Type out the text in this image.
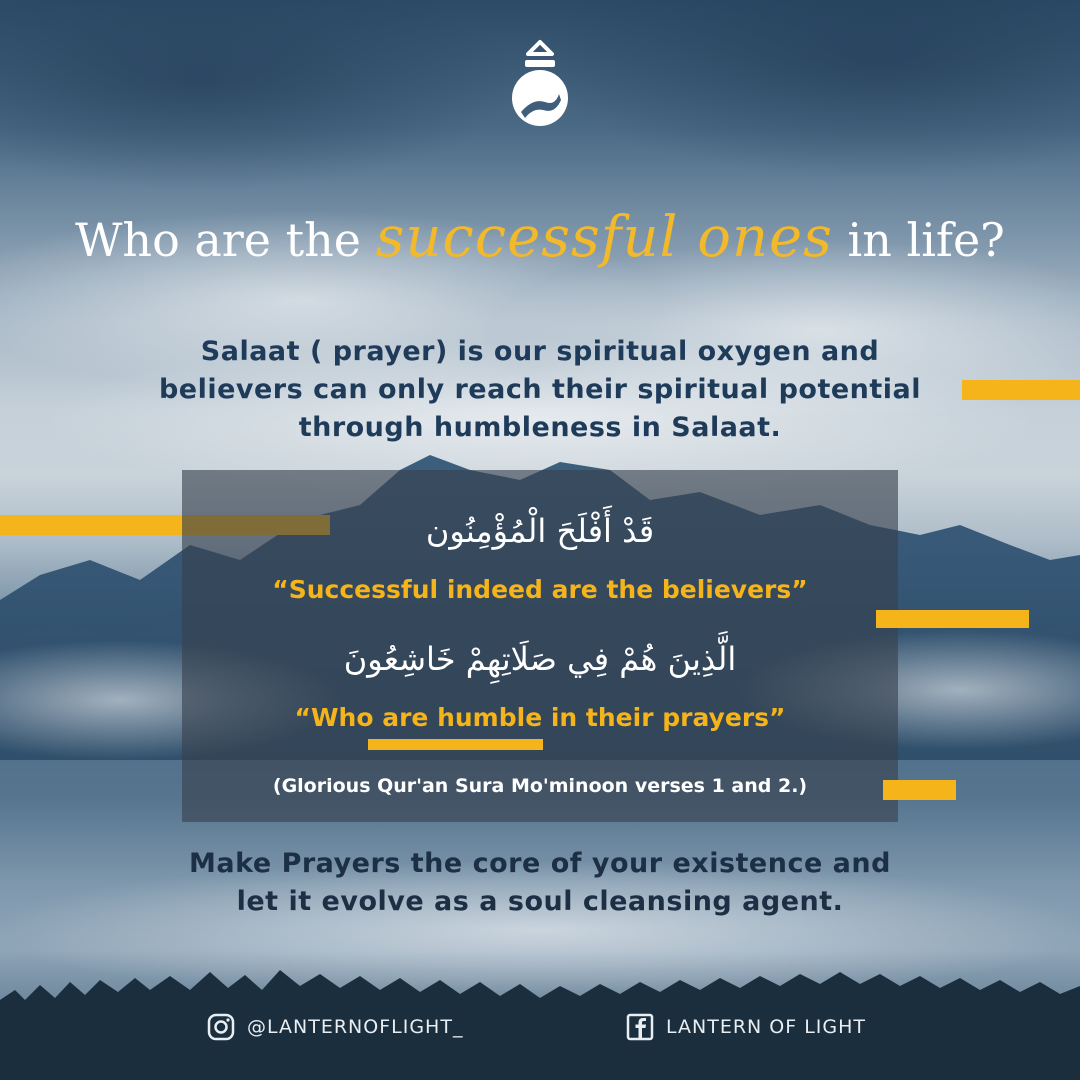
Who are the successful ones in life?
Salaat ( prayer) is our spiritual oxygen and
believers can only reach their spiritual potential
through humbleness in Salaat.
قَدْ أَفْلَحَ الْمُؤْمِنُون
“Successful indeed are the believers”
الَّذِينَ هُمْ فِي صَلَاتِهِمْ خَاشِعُونَ
“Who are humble in their prayers”
(Glorious Qur'an Sura Mo'minoon verses 1 and 2.)
Make Prayers the core of your existence and
let it evolve as a soul cleansing agent.
@LANTERNOFLIGHT_	LANTERN OF LIGHT
